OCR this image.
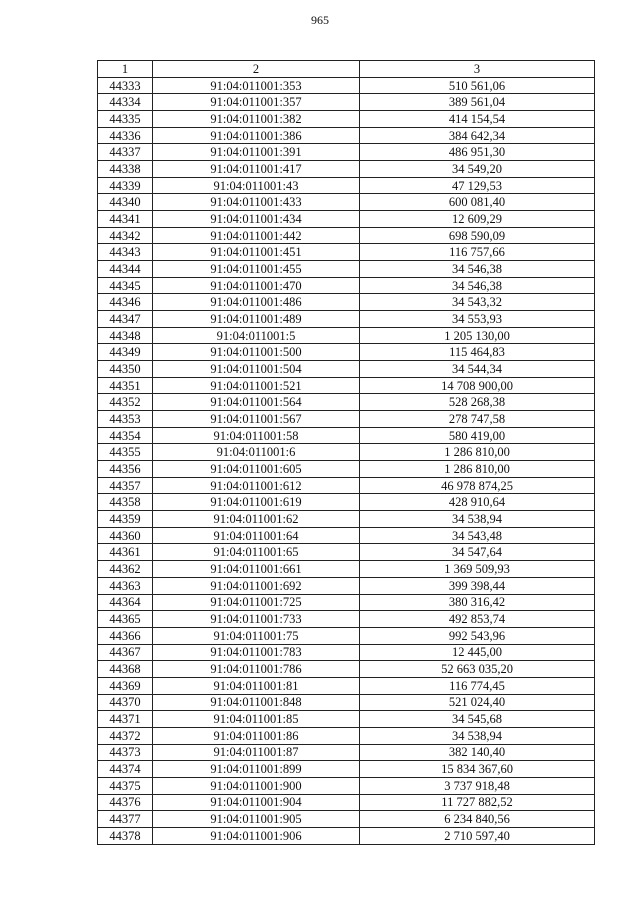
965
1	2	3
44333	91:04:011001:353	510 561,06
44334	91:04:011001:357	389 561,04
44335	91:04:011001:382	414 154,54
44336	91:04:011001:386	384 642,34
44337	91:04:011001:391	486 951,30
44338	91:04:011001:417	34 549,20
44339	91:04:011001:43	47 129,53
44340	91:04:011001:433	600 081,40
44341	91:04:011001:434	12 609,29
44342	91:04:011001:442	698 590,09
44343	91:04:011001:451	116 757,66
44344	91:04:011001:455	34 546,38
44345	91:04:011001:470	34 546,38
44346	91:04:011001:486	34 543,32
44347	91:04:011001:489	34 553,93
44348	91:04:011001:5	1 205 130,00
44349	91:04:011001:500	115 464,83
44350	91:04:011001:504	34 544,34
44351	91:04:011001:521	14 708 900,00
44352	91:04:011001:564	528 268,38
44353	91:04:011001:567	278 747,58
44354	91:04:011001:58	580 419,00
44355	91:04:011001:6	1 286 810,00
44356	91:04:011001:605	1 286 810,00
44357	91:04:011001:612	46 978 874,25
44358	91:04:011001:619	428 910,64
44359	91:04:011001:62	34 538,94
44360	91:04:011001:64	34 543,48
44361	91:04:011001:65	34 547,64
44362	91:04:011001:661	1 369 509,93
44363	91:04:011001:692	399 398,44
44364	91:04:011001:725	380 316,42
44365	91:04:011001:733	492 853,74
44366	91:04:011001:75	992 543,96
44367	91:04:011001:783	12 445,00
44368	91:04:011001:786	52 663 035,20
44369	91:04:011001:81	116 774,45
44370	91:04:011001:848	521 024,40
44371	91:04:011001:85	34 545,68
44372	91:04:011001:86	34 538,94
44373	91:04:011001:87	382 140,40
44374	91:04:011001:899	15 834 367,60
44375	91:04:011001:900	3 737 918,48
44376	91:04:011001:904	11 727 882,52
44377	91:04:011001:905	6 234 840,56
44378	91:04:011001:906	2 710 597,40
